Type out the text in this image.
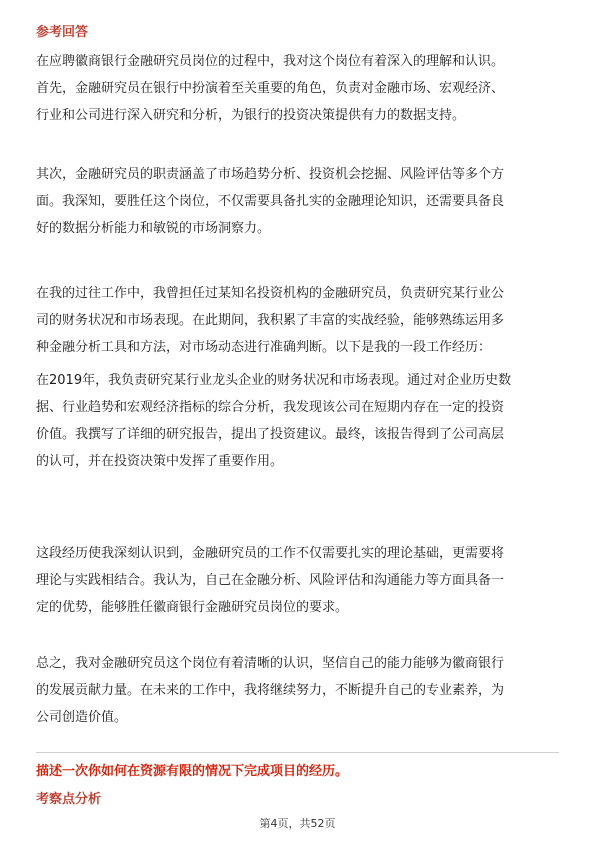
参考回答
在应聘徽商银行金融研究员岗位的过程中，我对这个岗位有着深入的理解和认识。
首先，金融研究员在银行中扮演着至关重要的角色，负责对金融市场、宏观经济、
行业和公司进行深入研究和分析，为银行的投资决策提供有力的数据支持。
其次，金融研究员的职责涵盖了市场趋势分析、投资机会挖掘、风险评估等多个方
面。我深知，要胜任这个岗位，不仅需要具备扎实的金融理论知识，还需要具备良
好的数据分析能力和敏锐的市场洞察力。
在我的过往工作中，我曾担任过某知名投资机构的金融研究员，负责研究某行业公
司的财务状况和市场表现。在此期间，我积累了丰富的实战经验，能够熟练运用多
种金融分析工具和方法，对市场动态进行准确判断。以下是我的一段工作经历：
在2019年，我负责研究某行业龙头企业的财务状况和市场表现。通过对企业历史数
据、行业趋势和宏观经济指标的综合分析，我发现该公司在短期内存在一定的投资
价值。我撰写了详细的研究报告，提出了投资建议。最终，该报告得到了公司高层
的认可，并在投资决策中发挥了重要作用。
这段经历使我深刻认识到，金融研究员的工作不仅需要扎实的理论基础，更需要将
理论与实践相结合。我认为，自己在金融分析、风险评估和沟通能力等方面具备一
定的优势，能够胜任徽商银行金融研究员岗位的要求。
总之，我对金融研究员这个岗位有着清晰的认识，坚信自己的能力能够为徽商银行
的发展贡献力量。在未来的工作中，我将继续努力，不断提升自己的专业素养，为
公司创造价值。
描述一次你如何在资源有限的情况下完成项目的经历。
考察点分析
第4页，共52页
